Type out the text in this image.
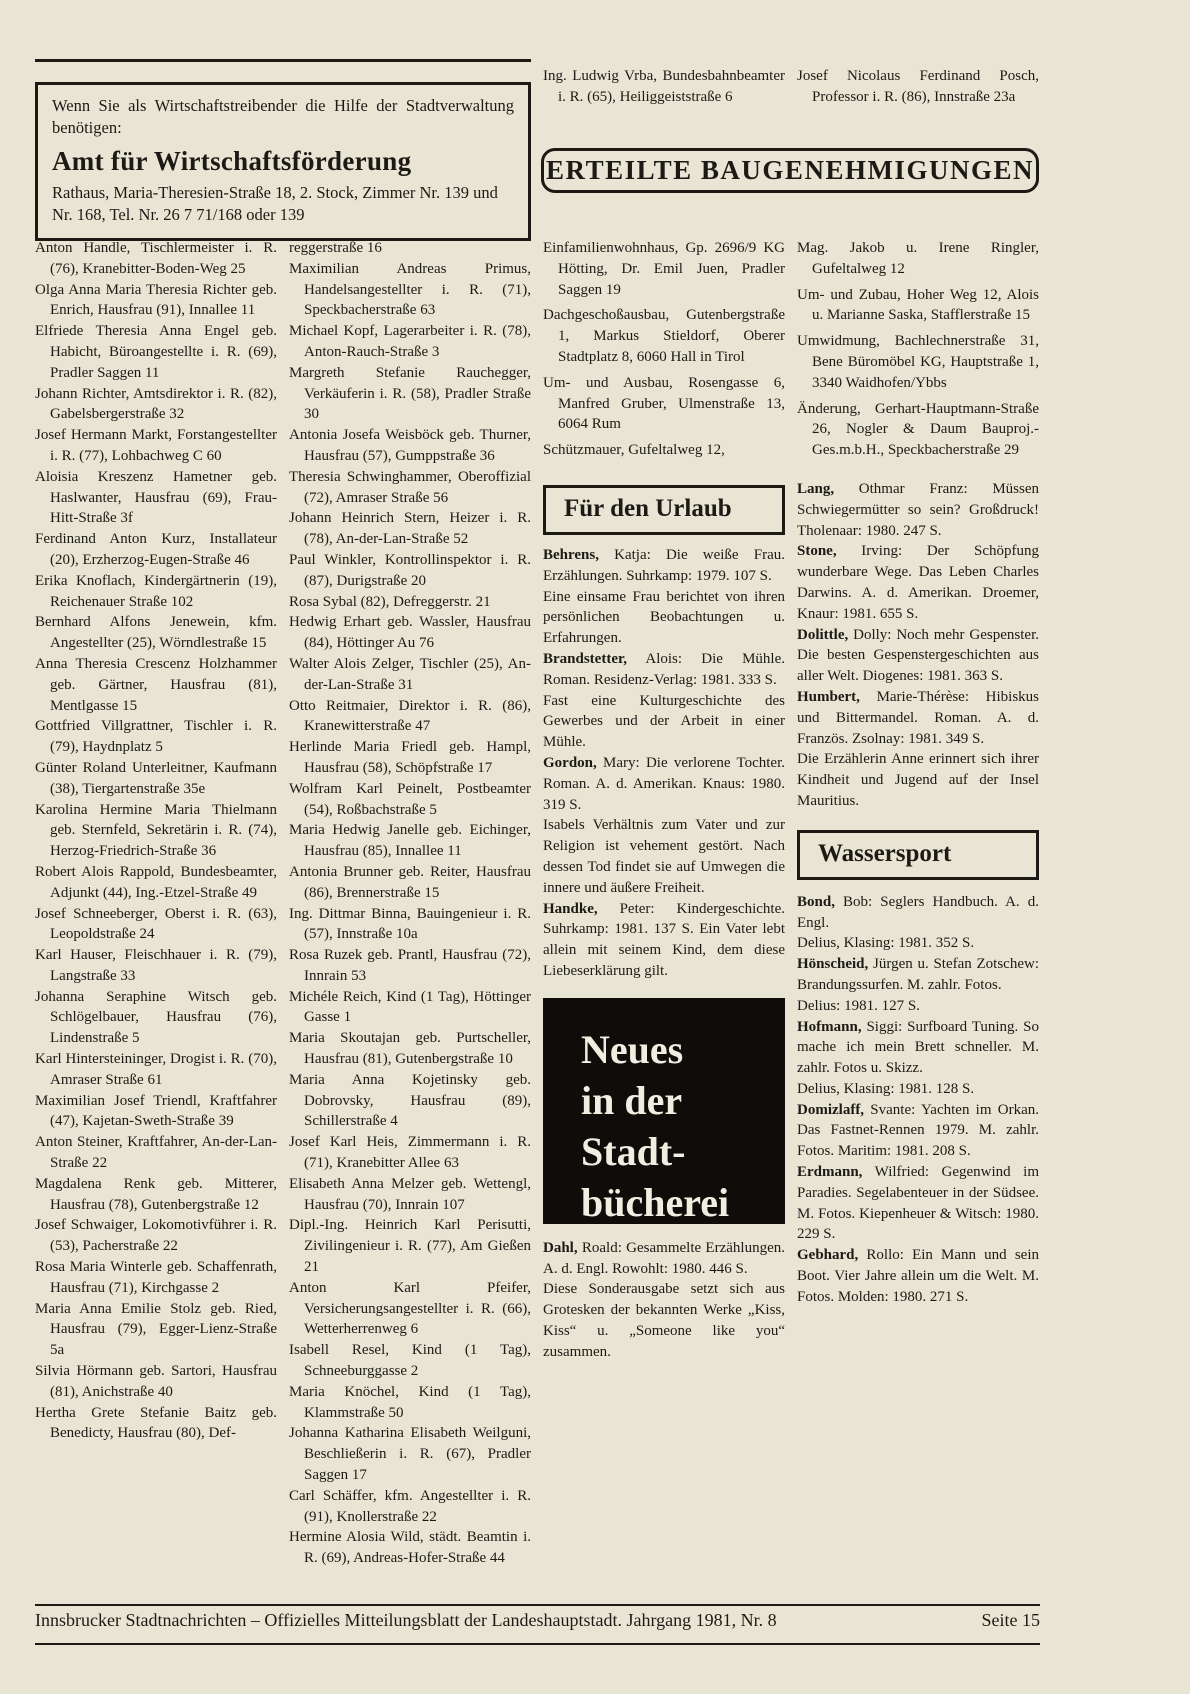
Ing. Ludwig Vrba, Bundesbahnbeamter i. R. (65), Heiliggeiststraße 6

Josef Nicolaus Ferdinand Posch, Professor i. R. (86), Innstraße 23a

Wenn Sie als Wirtschaftstreibender die Hilfe der Stadtverwaltung benötigen:

Amt für Wirtschaftsförderung

Rathaus, Maria-Theresien-Straße 18, 2. Stock, Zimmer Nr. 139 und Nr. 168, Tel. Nr. 26 7 71/168 oder 139

ERTEILTE BAUGENEHMIGUNGEN

Anton Handle, Tischlermeister i. R. (76), Kranebitter-Boden-Weg 25

Olga Anna Maria Theresia Richter geb. Enrich, Hausfrau (91), Innallee 11

Elfriede Theresia Anna Engel geb. Habicht, Büroangestellte i. R. (69), Pradler Saggen 11

Johann Richter, Amtsdirektor i. R. (82), Gabelsbergerstraße 32

Josef Hermann Markt, Forstangestellter i. R. (77), Lohbachweg C 60

Aloisia Kreszenz Hametner geb. Haslwanter, Hausfrau (69), Frau-Hitt-Straße 3f

Ferdinand Anton Kurz, Installateur (20), Erzherzog-Eugen-Straße 46

Erika Knoflach, Kindergärtnerin (19), Reichenauer Straße 102

Bernhard Alfons Jenewein, kfm. Angestellter (25), Wörndlestraße 15

Anna Theresia Crescenz Holzhammer geb. Gärtner, Hausfrau (81), Mentlgasse 15

Gottfried Villgrattner, Tischler i. R. (79), Haydnplatz 5

Günter Roland Unterleitner, Kaufmann (38), Tiergartenstraße 35e

Karolina Hermine Maria Thielmann geb. Sternfeld, Sekretärin i. R. (74), Herzog-Friedrich-Straße 36

Robert Alois Rappold, Bundesbeamter, Adjunkt (44), Ing.-Etzel-Straße 49

Josef Schneeberger, Oberst i. R. (63), Leopoldstraße 24

Karl Hauser, Fleischhauer i. R. (79), Langstraße 33

Johanna Seraphine Witsch geb. Schlögelbauer, Hausfrau (76), Lindenstraße 5

Karl Hintersteininger, Drogist i. R. (70), Amraser Straße 61

Maximilian Josef Triendl, Kraftfahrer (47), Kajetan-Sweth-Straße 39

Anton Steiner, Kraftfahrer, An-der-Lan-Straße 22

Magdalena Renk geb. Mitterer, Hausfrau (78), Gutenbergstraße 12

Josef Schwaiger, Lokomotivführer i. R. (53), Pacherstraße 22

Rosa Maria Winterle geb. Schaffenrath, Hausfrau (71), Kirchgasse 2

Maria Anna Emilie Stolz geb. Ried, Hausfrau (79), Egger-Lienz-Straße 5a

Silvia Hörmann geb. Sartori, Hausfrau (81), Anichstraße 40

Hertha Grete Stefanie Baitz geb. Benedicty, Hausfrau (80), Def-

reggerstraße 16

Maximilian Andreas Primus, Handelsangestellter i. R. (71), Speckbacherstraße 63

Michael Kopf, Lagerarbeiter i. R. (78), Anton-Rauch-Straße 3

Margreth Stefanie Rauchegger, Verkäuferin i. R. (58), Pradler Straße 30

Antonia Josefa Weisböck geb. Thurner, Hausfrau (57), Gumppstraße 36

Theresia Schwinghammer, Oberoffizial (72), Amraser Straße 56

Johann Heinrich Stern, Heizer i. R. (78), An-der-Lan-Straße 52

Paul Winkler, Kontrollinspektor i. R. (87), Durigstraße 20

Rosa Sybal (82), Defreggerstr. 21

Hedwig Erhart geb. Wassler, Hausfrau (84), Höttinger Au 76

Walter Alois Zelger, Tischler (25), An-der-Lan-Straße 31

Otto Reitmaier, Direktor i. R. (86), Kranewitterstraße 47

Herlinde Maria Friedl geb. Hampl, Hausfrau (58), Schöpfstraße 17

Wolfram Karl Peinelt, Postbeamter (54), Roßbachstraße 5

Maria Hedwig Janelle geb. Eichinger, Hausfrau (85), Innallee 11

Antonia Brunner geb. Reiter, Hausfrau (86), Brennerstraße 15

Ing. Dittmar Binna, Bauingenieur i. R. (57), Innstraße 10a

Rosa Ruzek geb. Prantl, Hausfrau (72), Innrain 53

Michéle Reich, Kind (1 Tag), Höttinger Gasse 1

Maria Skoutajan geb. Purtscheller, Hausfrau (81), Gutenbergstraße 10

Maria Anna Kojetinsky geb. Dobrovsky, Hausfrau (89), Schillerstraße 4

Josef Karl Heis, Zimmermann i. R. (71), Kranebitter Allee 63

Elisabeth Anna Melzer geb. Wettengl, Hausfrau (70), Innrain 107

Dipl.-Ing. Heinrich Karl Perisutti, Zivilingenieur i. R. (77), Am Gießen 21

Anton Karl Pfeifer, Versicherungsangestellter i. R. (66), Wetterherrenweg 6

Isabell Resel, Kind (1 Tag), Schneeburggasse 2

Maria Knöchel, Kind (1 Tag), Klammstraße 50

Johanna Katharina Elisabeth Weilguni, Beschließerin i. R. (67), Pradler Saggen 17

Carl Schäffer, kfm. Angestellter i. R. (91), Knollerstraße 22

Hermine Alosia Wild, städt. Beamtin i. R. (69), Andreas-Hofer-Straße 44

Einfamilienwohnhaus, Gp. 2696/9 KG Hötting, Dr. Emil Juen, Pradler Saggen 19

Dachgeschoßausbau, Gutenbergstraße 1, Markus Stieldorf, Oberer Stadtplatz 8, 6060 Hall in Tirol

Um- und Ausbau, Rosengasse 6, Manfred Gruber, Ulmenstraße 13, 6064 Rum

Schützmauer, Gufeltalweg 12,

Für den Urlaub

Behrens, Katja: Die weiße Frau. Erzählungen. Suhrkamp: 1979. 107 S.

Eine einsame Frau berichtet von ihren persönlichen Beobachtungen u. Erfahrungen.

Brandstetter, Alois: Die Mühle. Roman. Residenz-Verlag: 1981. 333 S.

Fast eine Kulturgeschichte des Gewerbes und der Arbeit in einer Mühle.

Gordon, Mary: Die verlorene Tochter. Roman. A. d. Amerikan. Knaus: 1980. 319 S.

Isabels Verhältnis zum Vater und zur Religion ist vehement gestört. Nach dessen Tod findet sie auf Umwegen die innere und äußere Freiheit.

Handke, Peter: Kindergeschichte. Suhrkamp: 1981. 137 S. Ein Vater lebt allein mit seinem Kind, dem diese Liebeserklärung gilt.

Neues
in der
Stadt-
bücherei

Dahl, Roald: Gesammelte Erzählungen. A. d. Engl. Rowohlt: 1980. 446 S.

Diese Sonderausgabe setzt sich aus Grotesken der bekannten Werke „Kiss, Kiss“ u. „Someone like you“ zusammen.

Mag. Jakob u. Irene Ringler, Gufeltalweg 12

Um- und Zubau, Hoher Weg 12, Alois u. Marianne Saska, Stafflerstraße 15

Umwidmung, Bachlechnerstraße 31, Bene Büromöbel KG, Hauptstraße 1, 3340 Waidhofen/Ybbs

Änderung, Gerhart-Hauptmann-Straße 26, Nogler & Daum Bauproj.-Ges.m.b.H., Speckbacherstraße 29

Lang, Othmar Franz: Müssen Schwiegermütter so sein? Großdruck! Tholenaar: 1980. 247 S.

Stone, Irving: Der Schöpfung wunderbare Wege. Das Leben Charles Darwins. A. d. Amerikan. Droemer, Knaur: 1981. 655 S.

Dolittle, Dolly: Noch mehr Gespenster. Die besten Gespenstergeschichten aus aller Welt. Diogenes: 1981. 363 S.

Humbert, Marie-Thérèse: Hibiskus und Bittermandel. Roman. A. d. Französ. Zsolnay: 1981. 349 S.

Die Erzählerin Anne erinnert sich ihrer Kindheit und Jugend auf der Insel Mauritius.

Wassersport

Bond, Bob: Seglers Handbuch. A. d. Engl.

Delius, Klasing: 1981. 352 S.

Hönscheid, Jürgen u. Stefan Zotschew: Brandungssurfen. M. zahlr. Fotos.

Delius: 1981. 127 S.

Hofmann, Siggi: Surfboard Tuning. So mache ich mein Brett schneller. M. zahlr. Fotos u. Skizz.

Delius, Klasing: 1981. 128 S.

Domizlaff, Svante: Yachten im Orkan. Das Fastnet-Rennen 1979. M. zahlr. Fotos. Maritim: 1981. 208 S.

Erdmann, Wilfried: Gegenwind im Paradies. Segelabenteuer in der Südsee. M. Fotos. Kiepenheuer & Witsch: 1980. 229 S.

Gebhard, Rollo: Ein Mann und sein Boot. Vier Jahre allein um die Welt. M. Fotos. Molden: 1980. 271 S.

Innsbrucker Stadtnachrichten – Offizielles Mitteilungsblatt der Landeshauptstadt. Jahrgang 1981, Nr. 8	Seite 15
